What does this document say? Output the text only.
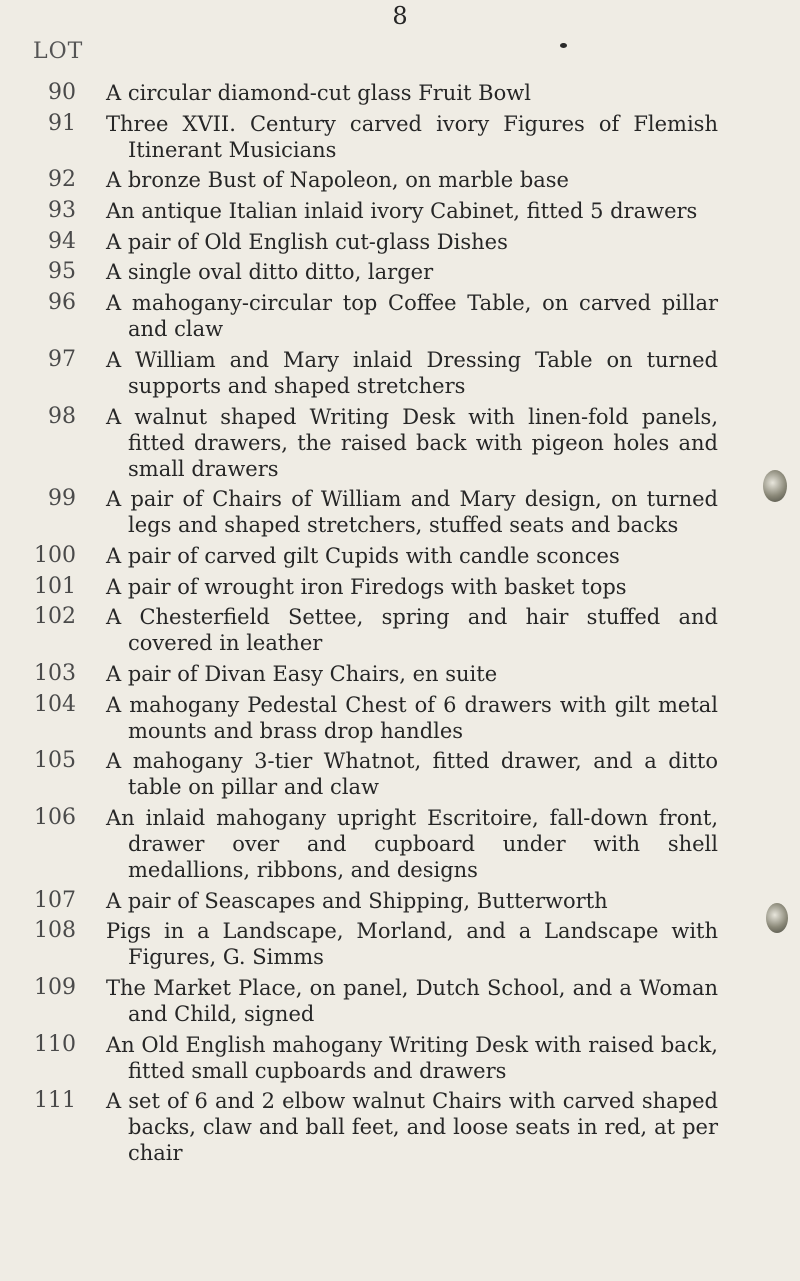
8
LOT
90 A circular diamond-cut glass Fruit Bowl
91 Three XVII. Century carved ivory Figures of Flemish Itinerant Musicians
92 A bronze Bust of Napoleon, on marble base
93 An antique Italian inlaid ivory Cabinet, fitted 5 drawers
94 A pair of Old English cut-glass Dishes
95 A single oval ditto ditto, larger
96 A mahogany-circular top Coffee Table, on carved pillar and claw
97 A William and Mary inlaid Dressing Table on turned supports and shaped stretchers
98 A walnut shaped Writing Desk with linen-fold panels, fitted drawers, the raised back with pigeon holes and small drawers
99 A pair of Chairs of William and Mary design, on turned legs and shaped stretchers, stuffed seats and backs
100 A pair of carved gilt Cupids with candle sconces
101 A pair of wrought iron Firedogs with basket tops
102 A Chesterfield Settee, spring and hair stuffed and covered in leather
103 A pair of Divan Easy Chairs, en suite
104 A mahogany Pedestal Chest of 6 drawers with gilt metal mounts and brass drop handles
105 A mahogany 3-tier Whatnot, fitted drawer, and a ditto table on pillar and claw
106 An inlaid mahogany upright Escritoire, fall-down front, drawer over and cupboard under with shell medallions, ribbons, and designs
107 A pair of Seascapes and Shipping, Butterworth
108 Pigs in a Landscape, Morland, and a Landscape with Figures, G. Simms
109 The Market Place, on panel, Dutch School, and a Woman and Child, signed
110 An Old English mahogany Writing Desk with raised back, fitted small cupboards and drawers
111 A set of 6 and 2 elbow walnut Chairs with carved shaped backs, claw and ball feet, and loose seats in red, at per chair
